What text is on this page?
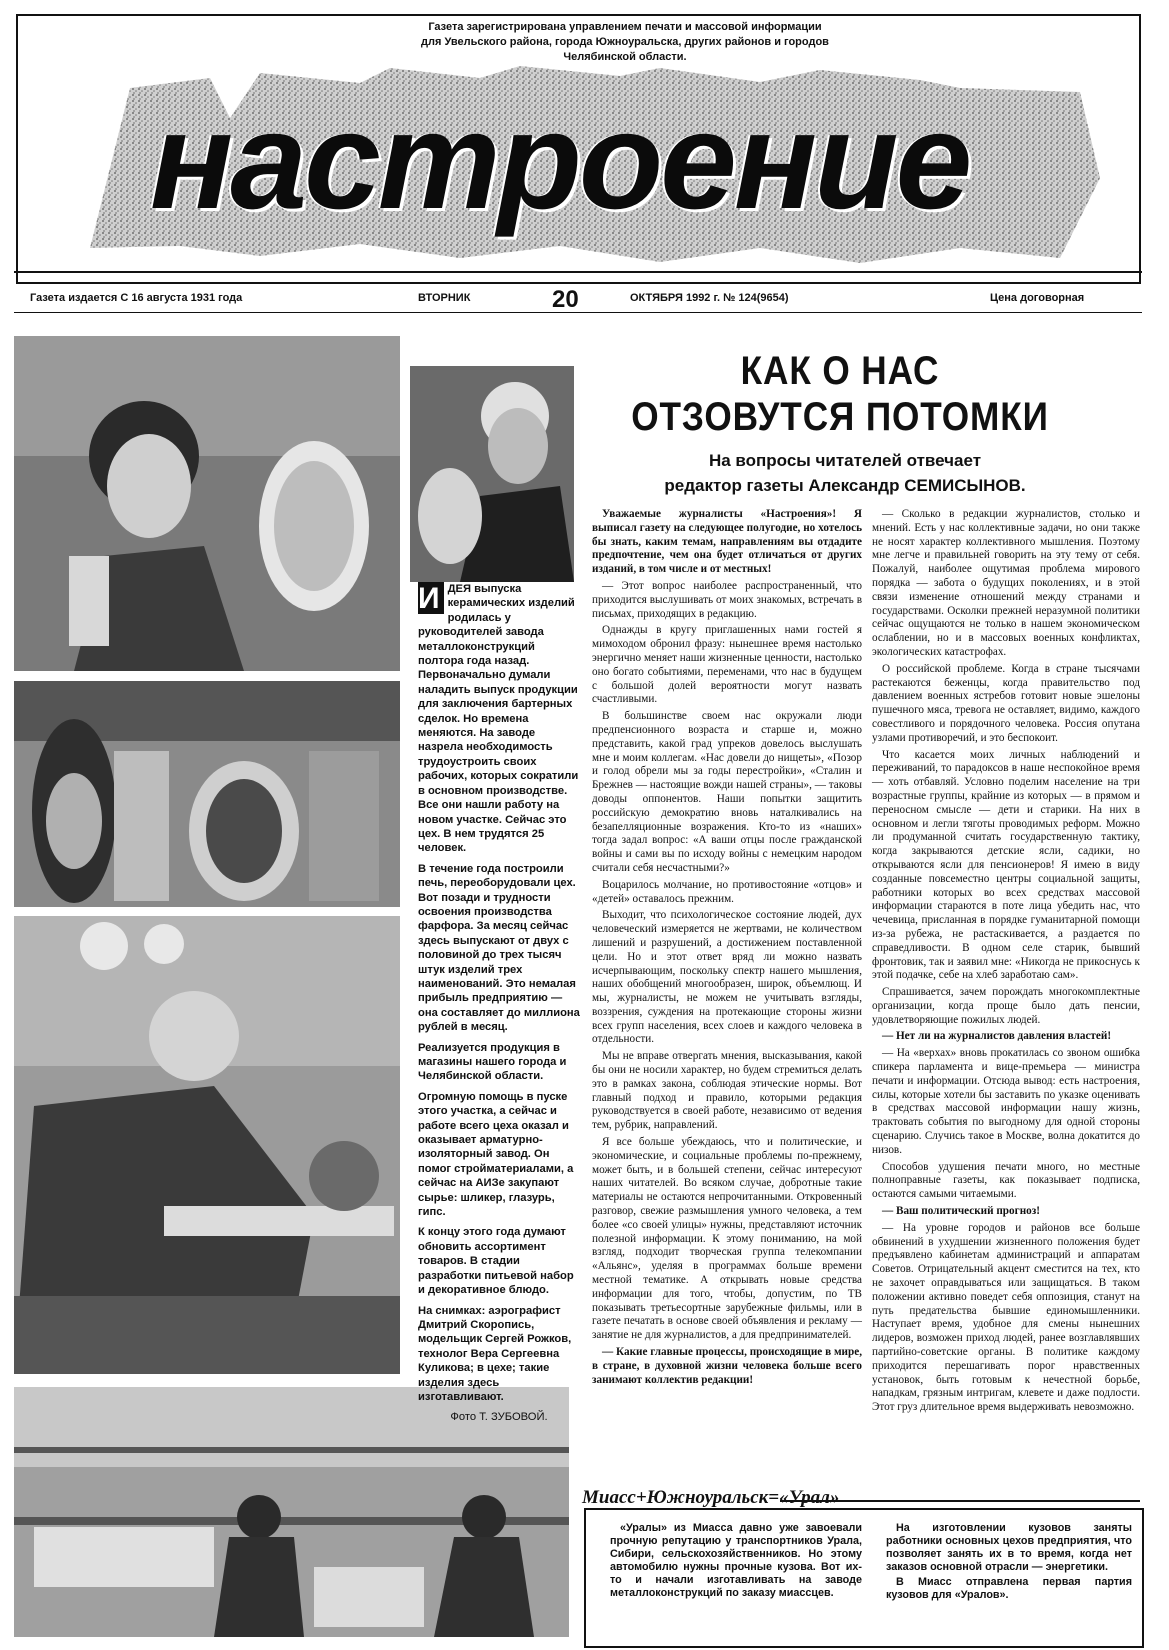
Газета зарегистрирована управлением печати и массовой информации
для Увельского района, города Южноуральска, других районов и городов
Челябинской области.
настроение
Газета издается С 16 августа 1931 года	ВТОРНИК	20	ОКТЯБРЯ 1992 г. № 124(9654)	Цена договорная

И ДЕЯ выпуска керамических изделий родилась у руководителей завода металлоконструкций полтора года назад. Первоначально думали наладить выпуск продукции для заключения бартерных сделок. Но времена меняются. На заводе назрела необходимость трудоустроить своих рабочих, которых сократили в основном производстве. Все они нашли работу на новом участке. Сейчас это цех. В нем трудятся 25 человек.

В течение года построили печь, переоборудовали цех. Вот позади и трудности освоения производства фарфора. За месяц сейчас здесь выпускают от двух с половиной до трех тысяч штук изделий трех наименований. Это немалая прибыль предприятию — она составляет до миллиона рублей в месяц.

Реализуется продукция в магазины нашего города и Челябинской области.

Огромную помощь в пуске этого участка, а сейчас и работе всего цеха оказал и оказывает арматурно-изоляторный завод. Он помог стройматериалами, а сейчас на АИЗе закупают сырье: шликер, глазурь, гипс.

К концу этого года думают обновить ассортимент товаров. В стадии разработки питьевой набор и декоративное блюдо.

На снимках: аэрографист Дмитрий Скоропись, модельщик Сергей Рожков, технолог Вера Сергеевна Куликова; в цехе; такие изделия здесь изготавливают.

Фото Т. ЗУБОВОЙ.

КАК О НАС
ОТЗОВУТСЯ ПОТОМКИ
На вопросы читателей отвечает
редактор газеты Александр СЕМИСЫНОВ.

Уважаемые журналисты «Настроения»! Я выписал газету на следующее полугодие, но хотелось бы знать, каким темам, направлениям вы отдадите предпочтение, чем она будет отличаться от других изданий, в том числе и от местных!

— Этот вопрос наиболее распространенный, что приходится выслушивать от моих знакомых, встречать в письмах, приходящих в редакцию.

Однажды в кругу приглашенных нами гостей я мимоходом обронил фразу: нынешнее время настолько энергично меняет наши жизненные ценности, настолько оно богато событиями, переменами, что нас в будущем с большой долей вероятности могут назвать счастливыми.

В большинстве своем нас окружали люди предпенсионного возраста и старше и, можно представить, какой град упреков довелось выслушать мне и моим коллегам. «Нас довели до нищеты», «Позор и голод обрели мы за годы перестройки», «Сталин и Брежнев — настоящие вожди нашей страны», — таковы доводы оппонентов. Наши попытки защитить российскую демократию вновь наталкивались на безапелляционные возражения. Кто-то из «наших» тогда задал вопрос: «А ваши отцы после гражданской войны и сами вы по исходу войны с немецким народом считали себя несчастными?»

Воцарилось молчание, но противостояние «отцов» и «детей» оставалось прежним.

Выходит, что психологическое состояние людей, дух человеческий измеряется не жертвами, не количеством лишений и разрушений, а достижением поставленной цели. Но и этот ответ вряд ли можно назвать исчерпывающим, поскольку спектр нашего мышления, наших обобщений многообразен, широк, объемлющ. И мы, журналисты, не можем не учитывать взгляды, воззрения, суждения на протекающие стороны жизни всех групп населения, всех слоев и каждого человека в отдельности.

Мы не вправе отвергать мнения, высказывания, какой бы они не носили характер, но будем стремиться делать это в рамках закона, соблюдая этические нормы. Вот главный подход и правило, которыми редакция руководствуется в своей работе, независимо от ведения тем, рубрик, направлений.

Я все больше убеждаюсь, что и политические, и экономические, и социальные проблемы по-прежнему, может быть, и в большей степени, сейчас интересуют наших читателей. Во всяком случае, добротные такие материалы не остаются непрочитанными. Откровенный разговор, свежие размышления умного человека, а тем более «со своей улицы» нужны, представляют источник полезной информации. К этому пониманию, на мой взгляд, подходит творческая группа телекомпании «Альянс», уделяя в программах больше времени местной тематике. А открывать новые средства информации для того, чтобы, допустим, по ТВ показывать третьесортные зарубежные фильмы, или в газете печатать в основе своей объявления и рекламу — занятие не для журналистов, а для предпринимателей.

— Какие главные процессы, происходящие в мире, в стране, в духовной жизни человека больше всего занимают коллектив редакции!

— Сколько в редакции журналистов, столько и мнений. Есть у нас коллективные задачи, но они также не носят характер коллективного мышления. Поэтому мне легче и правильней говорить на эту тему от себя. Пожалуй, наиболее ощутимая проблема мирового порядка — забота о будущих поколениях, и в этой связи изменение отношений между странами и государствами. Осколки прежней неразумной политики сейчас ощущаются не только в нашем экономическом ослаблении, но и в массовых военных конфликтах, экологических катастрофах.

О российской проблеме. Когда в стране тысячами растекаются беженцы, когда правительство под давлением военных ястребов готовит новые эшелоны пушечного мяса, тревога не оставляет, видимо, каждого совестливого и порядочного человека. Россия опутана узлами противоречий, и это беспокоит.

Что касается моих личных наблюдений и переживаний, то парадоксов в наше неспокойное время — хоть отбавляй. Условно поделим население на три возрастные группы, крайние из которых — в прямом и переносном смысле — дети и старики. На них в основном и легли тяготы проводимых реформ. Можно ли продуманной считать государственную тактику, когда закрываются детские ясли, садики, но открываются ясли для пенсионеров! Я имею в виду созданные повсеместно центры социальной защиты, работники которых во всех средствах массовой информации стараются в поте лица убедить нас, что чечевица, присланная в порядке гуманитарной помощи из-за рубежа, не растаскивается, а раздается по справедливости. В одном селе старик, бывший фронтовик, так и заявил мне: «Никогда не прикоснусь к этой подачке, себе на хлеб заработаю сам».

Спрашивается, зачем порождать многокомплектные организации, когда проще было дать пенсии, удовлетворяющие пожилых людей.

— Нет ли на журналистов давления властей!

— На «верхах» вновь прокатилась со звоном ошибка спикера парламента и вице-премьера — министра печати и информации. Отсюда вывод: есть настроения, силы, которые хотели бы заставить по указке оценивать в средствах массовой информации нашу жизнь, трактовать события по выгодному для одной стороны сценарию. Случись такое в Москве, волна докатится до низов.

Способов удушения печати много, но местные полноправные газеты, как показывает подписка, остаются самыми читаемыми.

— Ваш политический прогноз!

— На уровне городов и районов все больше обвинений в ухудшении жизненного положения будет предъявлено кабинетам администраций и аппаратам Советов. Отрицательный акцент сместится на тех, кто не захочет оправдываться или защищаться. В таком положении активно поведет себя оппозиция, станут на путь предательства бывшие единомышленники. Наступает время, удобное для смены нынешних лидеров, возможен приход людей, ранее возглавлявших партийно-советские органы. В политике каждому приходится перешагивать порог нравственных установок, быть готовым к нечестной борьбе, нападкам, грязным интригам, клевете и даже подлости. Этот груз длительное время выдерживать невозможно.

Миасс+Южноуральск=«Урал»

«Уралы» из Миасса давно уже завоевали прочную репутацию у транспортников Урала, Сибири, сельскохозяйственников. Но этому автомобилю нужны прочные кузова. Вот их-то и начали изготавливать на заводе металлоконструкций по заказу миассцев.

На изготовлении кузовов заняты работники основных цехов предприятия, что позволяет занять их в то время, когда нет заказов основной отрасли — энергетики.

В Миасс отправлена первая партия кузовов для «Уралов».
